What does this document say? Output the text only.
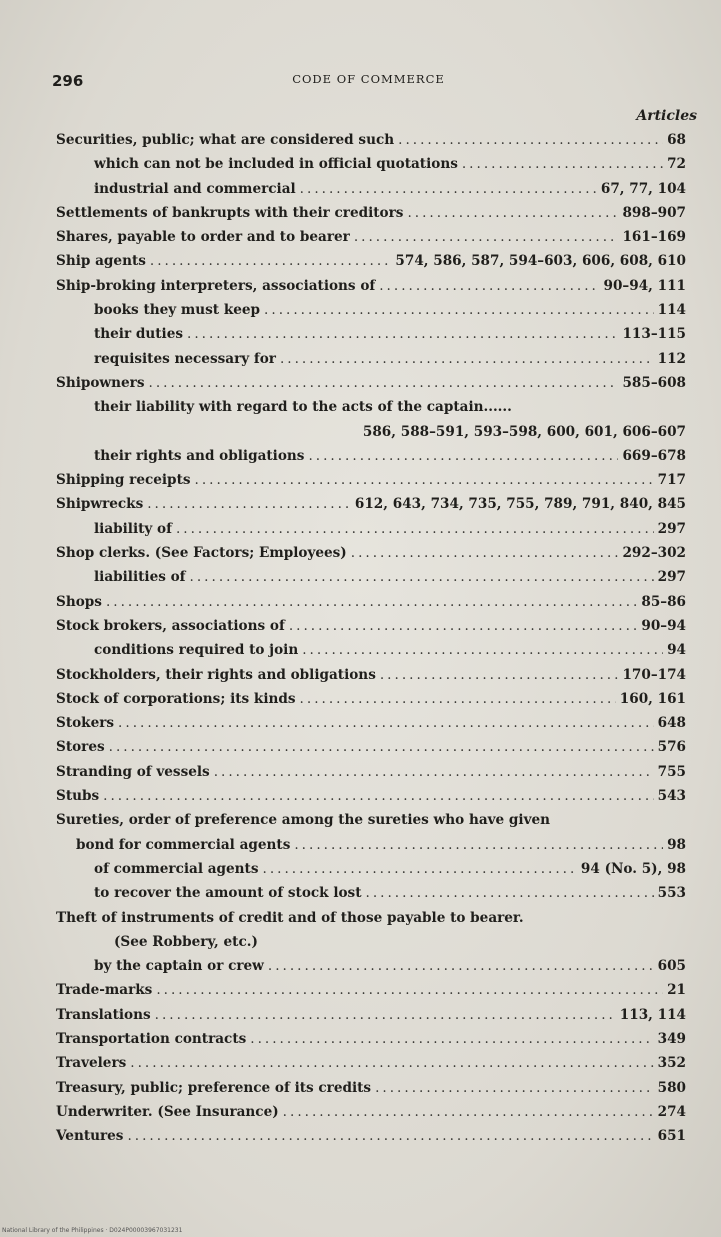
296	CODE OF COMMERCE
Articles
Securities, public; what are considered such .....	68
which can not be included in official quotations .....	72
industrial and commercial .....	67, 77, 104
Settlements of bankrupts with their creditors .....	898–907
Shares, payable to order and to bearer .....	161–169
Ship agents .....	574, 586, 587, 594–603, 606, 608, 610
Ship-broking interpreters, associations of .....	90–94, 111
books they must keep .....	114
their duties .....	113–115
requisites necessary for .....	112
Shipowners .....	585–608
their liability with regard to the acts of the captain......
586, 588–591, 593–598, 600, 601, 606–607
their rights and obligations .....	669–678
Shipping receipts .....	717
Shipwrecks .....	612, 643, 734, 735, 755, 789, 791, 840, 845
liability of .....	297
Shop clerks. (See Factors; Employees) .....	292–302
liabilities of .....	297
Shops .....	85–86
Stock brokers, associations of .....	90–94
conditions required to join .....	94
Stockholders, their rights and obligations .....	170–174
Stock of corporations; its kinds .....	160, 161
Stokers .....	648
Stores .....	576
Stranding of vessels .....	755
Stubs .....	543
Sureties, order of preference among the sureties who have given
bond for commercial agents .....	98
of commercial agents .....	94 (No. 5), 98
to recover the amount of stock lost .....	553
Theft of instruments of credit and of those payable to bearer.
(See Robbery, etc.)
by the captain or crew .....	605
Trade-marks .....	21
Translations .....	113, 114
Transportation contracts .....	349
Travelers .....	352
Treasury, public; preference of its credits .....	580
Underwriter. (See Insurance) .....	274
Ventures .....	651
National Library of the Philippines · D024P00003967031231
